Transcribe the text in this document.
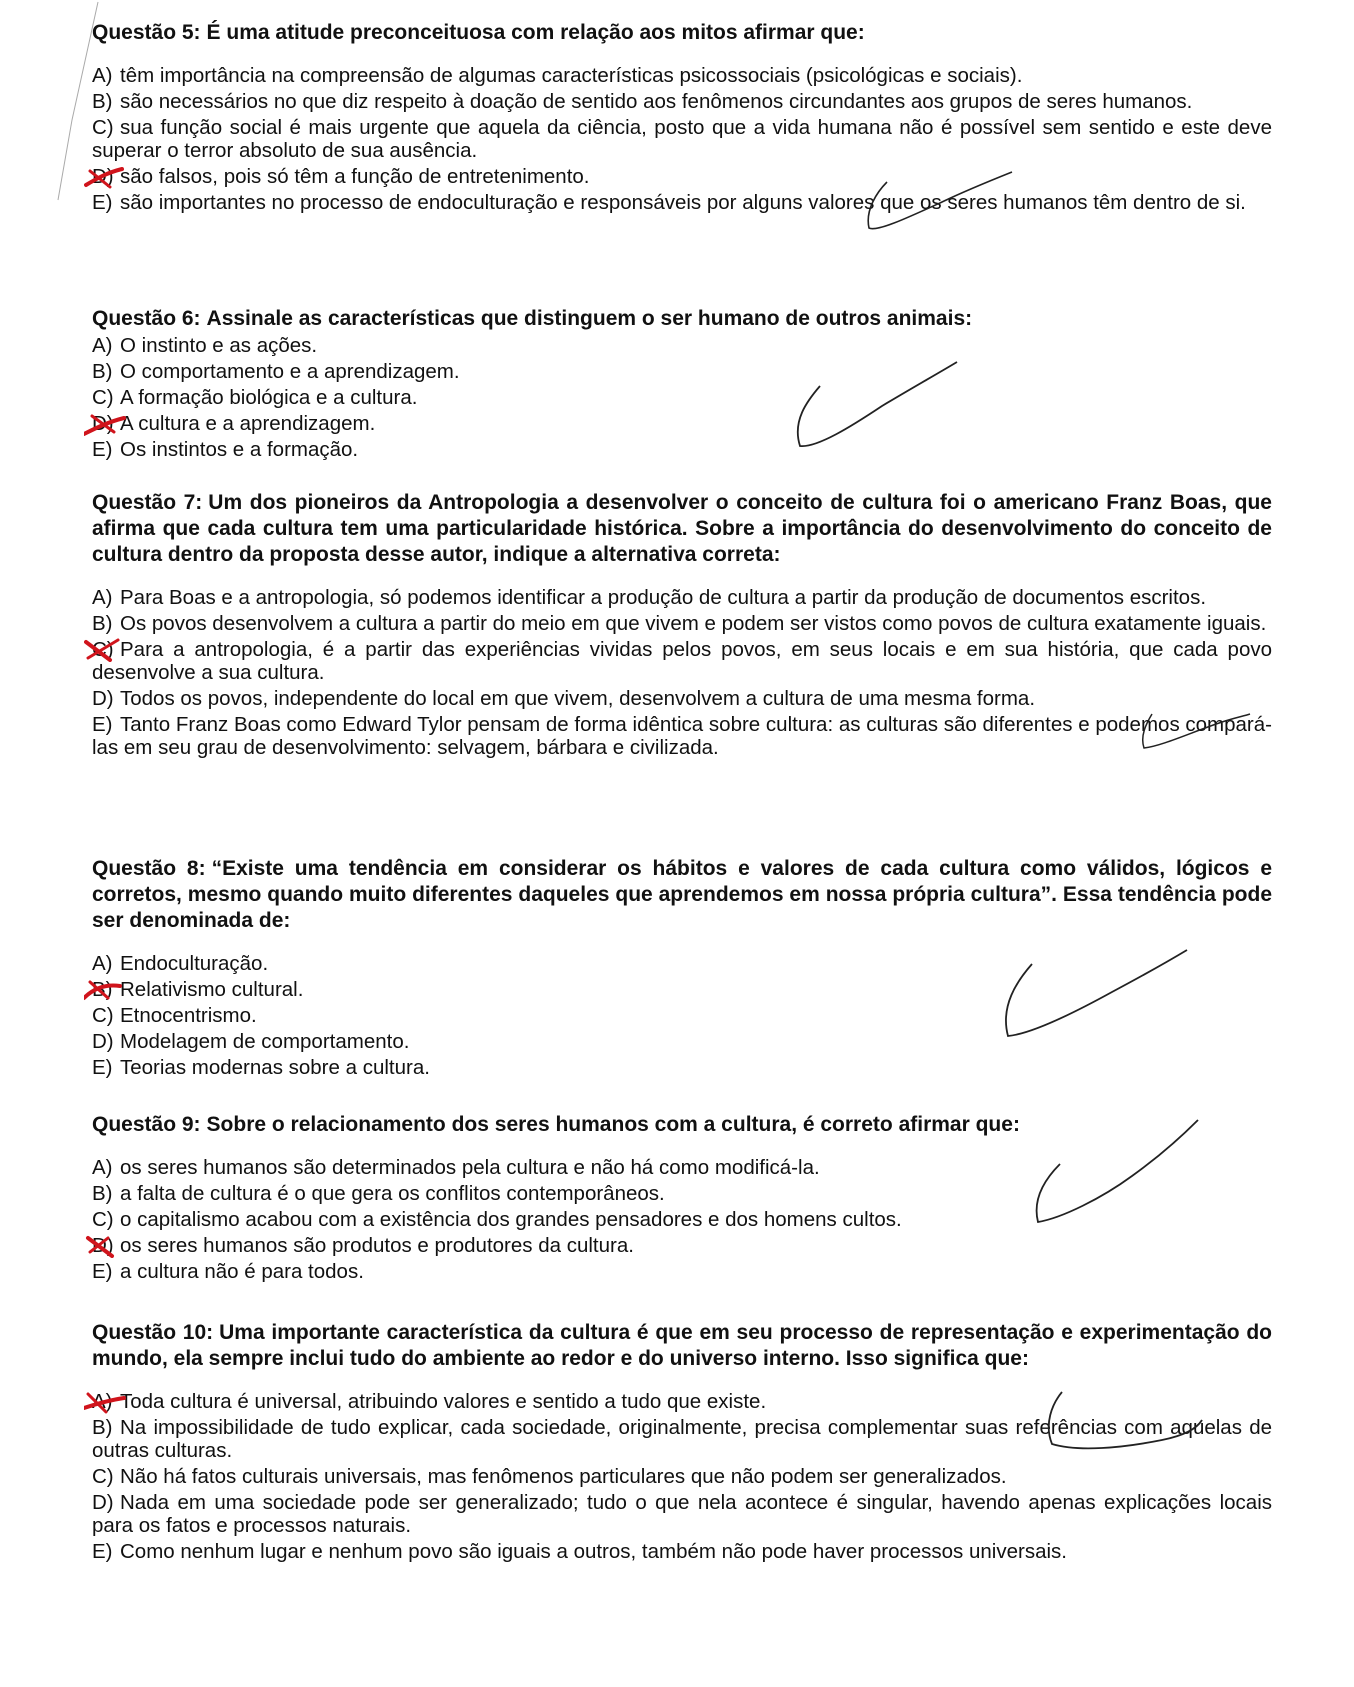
Questão 5: É uma atitude preconceituosa com relação aos mitos afirmar que:

A) têm importância na compreensão de algumas características psicossociais (psicológicas e sociais).
B) são necessários no que diz respeito à doação de sentido aos fenômenos circundantes aos grupos de seres humanos.
C) sua função social é mais urgente que aquela da ciência, posto que a vida humana não é possível sem sentido e este deve superar o terror absoluto de sua ausência.
D) são falsos, pois só têm a função de entretenimento.
E) são importantes no processo de endoculturação e responsáveis por alguns valores que os seres humanos têm dentro de si.

Questão 6: Assinale as características que distinguem o ser humano de outros animais:

A) O instinto e as ações.
B) O comportamento e a aprendizagem.
C) A formação biológica e a cultura.
D) A cultura e a aprendizagem.
E) Os instintos e a formação.

Questão 7: Um dos pioneiros da Antropologia a desenvolver o conceito de cultura foi o americano Franz Boas, que afirma que cada cultura tem uma particularidade histórica. Sobre a importância do desenvolvimento do conceito de cultura dentro da proposta desse autor, indique a alternativa correta:

A) Para Boas e a antropologia, só podemos identificar a produção de cultura a partir da produção de documentos escritos.
B) Os povos desenvolvem a cultura a partir do meio em que vivem e podem ser vistos como povos de cultura exatamente iguais.
C) Para a antropologia, é a partir das experiências vividas pelos povos, em seus locais e em sua história, que cada povo desenvolve a sua cultura.
D) Todos os povos, independente do local em que vivem, desenvolvem a cultura de uma mesma forma.
E) Tanto Franz Boas como Edward Tylor pensam de forma idêntica sobre cultura: as culturas são diferentes e podemos compará-las em seu grau de desenvolvimento: selvagem, bárbara e civilizada.

Questão 8: “Existe uma tendência em considerar os hábitos e valores de cada cultura como válidos, lógicos e corretos, mesmo quando muito diferentes daqueles que aprendemos em nossa própria cultura”. Essa tendência pode ser denominada de:

A) Endoculturação.
B) Relativismo cultural.
C) Etnocentrismo.
D) Modelagem de comportamento.
E) Teorias modernas sobre a cultura.

Questão 9: Sobre o relacionamento dos seres humanos com a cultura, é correto afirmar que:

A) os seres humanos são determinados pela cultura e não há como modificá-la.
B) a falta de cultura é o que gera os conflitos contemporâneos.
C) o capitalismo acabou com a existência dos grandes pensadores e dos homens cultos.
D) os seres humanos são produtos e produtores da cultura.
E) a cultura não é para todos.

Questão 10: Uma importante característica da cultura é que em seu processo de representação e experimentação do mundo, ela sempre inclui tudo do ambiente ao redor e do universo interno. Isso significa que:

A) Toda cultura é universal, atribuindo valores e sentido a tudo que existe.
B) Na impossibilidade de tudo explicar, cada sociedade, originalmente, precisa complementar suas referências com aquelas de outras culturas.
C) Não há fatos culturais universais, mas fenômenos particulares que não podem ser generalizados.
D) Nada em uma sociedade pode ser generalizado; tudo o que nela acontece é singular, havendo apenas explicações locais para os fatos e processos naturais.
E) Como nenhum lugar e nenhum povo são iguais a outros, também não pode haver processos universais.
